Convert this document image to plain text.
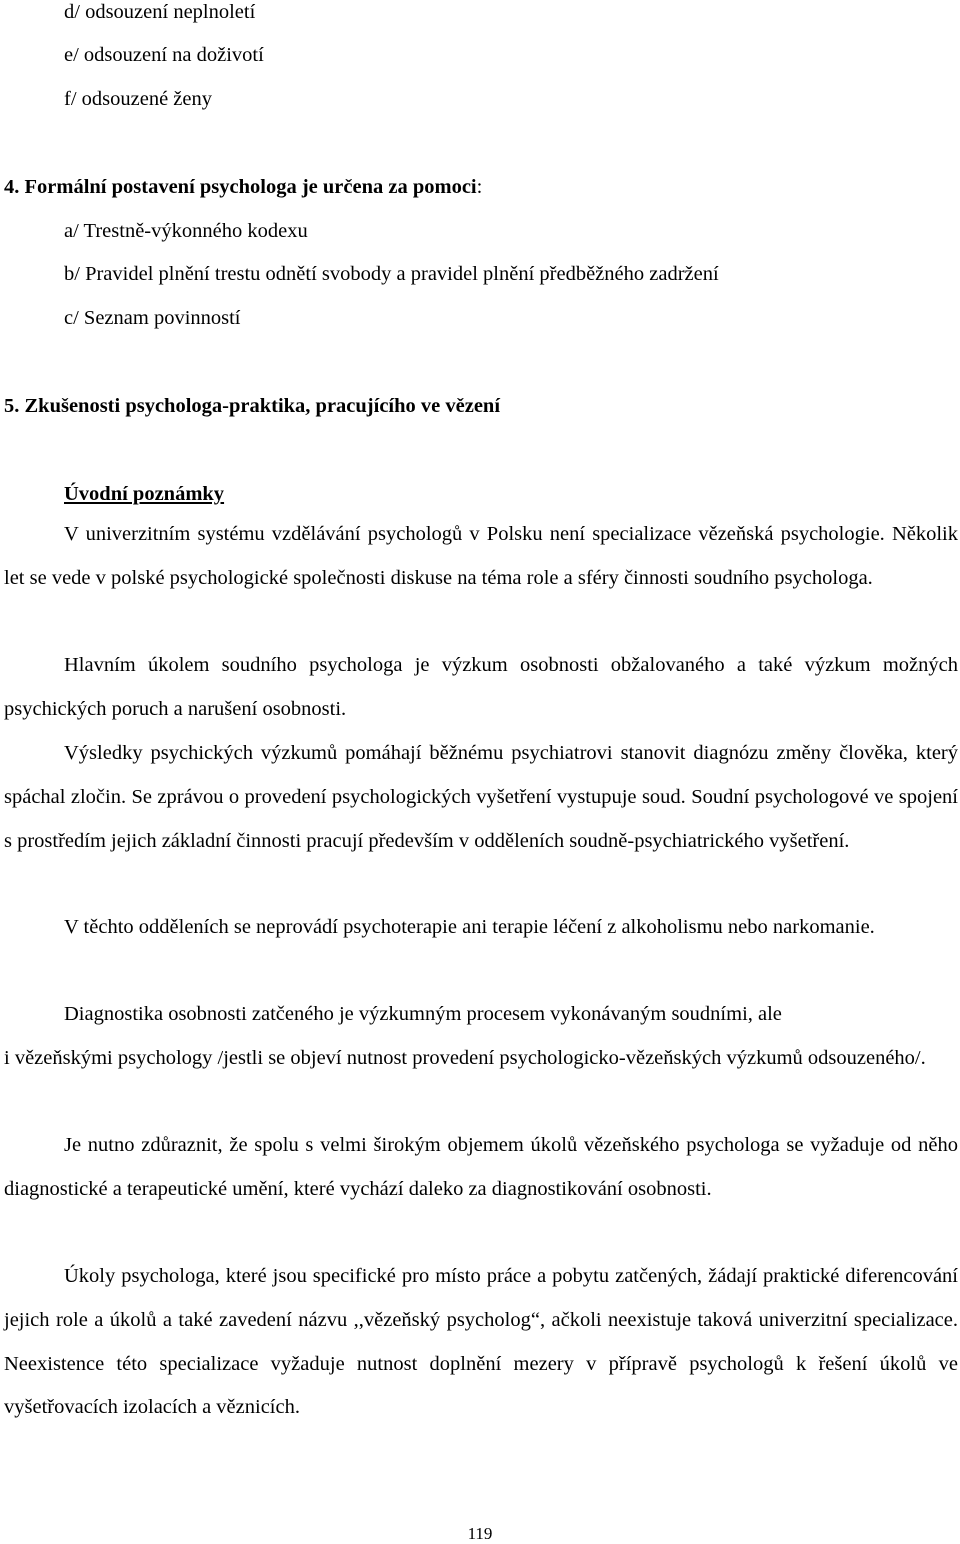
d/ odsouzení neplnoletí
e/ odsouzení na doživotí
f/ odsouzené ženy
4. Formální postavení psychologa je určena za pomoci:
a/ Trestně-výkonného kodexu
b/ Pravidel plnění trestu odnětí svobody a pravidel plnění předběžného zadržení
c/ Seznam povinností
5. Zkušenosti psychologa-praktika, pracujícího ve vězení
Úvodní poznámky

V univerzitním systému vzdělávání psychologů v Polsku není specializace vězeňská psychologie. Několik let se vede v polské psychologické společnosti diskuse na téma role a sféry činnosti soudního psychologa.

Hlavním úkolem soudního psychologa je výzkum osobnosti obžalovaného a také výzkum možných psychických poruch a narušení osobnosti.

Výsledky psychických výzkumů pomáhají běžnému psychiatrovi stanovit diagnózu změny člověka, který spáchal zločin. Se zprávou o provedení psychologických vyšetření vystupuje soud. Soudní psychologové ve spojení s prostředím jejich základní činnosti pracují především v odděleních soudně-psychiatrického vyšetření.

V těchto odděleních se neprovádí psychoterapie ani terapie léčení z alkoholismu nebo narkomanie.

Diagnostika osobnosti zatčeného je výzkumným procesem vykonávaným soudními, ale

i vězeňskými psychology /jestli se objeví nutnost provedení psychologicko-vězeňských výzkumů odsouzeného/.

Je nutno zdůraznit, že spolu s velmi širokým objemem úkolů vězeňského psychologa se vyžaduje od něho diagnostické a terapeutické umění, které vychází daleko za diagnostikování osobnosti.

Úkoly psychologa, které jsou specifické pro místo práce a pobytu zatčených, žádají praktické diferencování jejich role a úkolů a také zavedení názvu ,,vězeňský psycholog“, ačkoli neexistuje taková univerzitní specializace. Neexistence této specializace vyžaduje nutnost doplnění mezery v přípravě psychologů k řešení úkolů ve vyšetřovacích izolacích a věznicích.

119
